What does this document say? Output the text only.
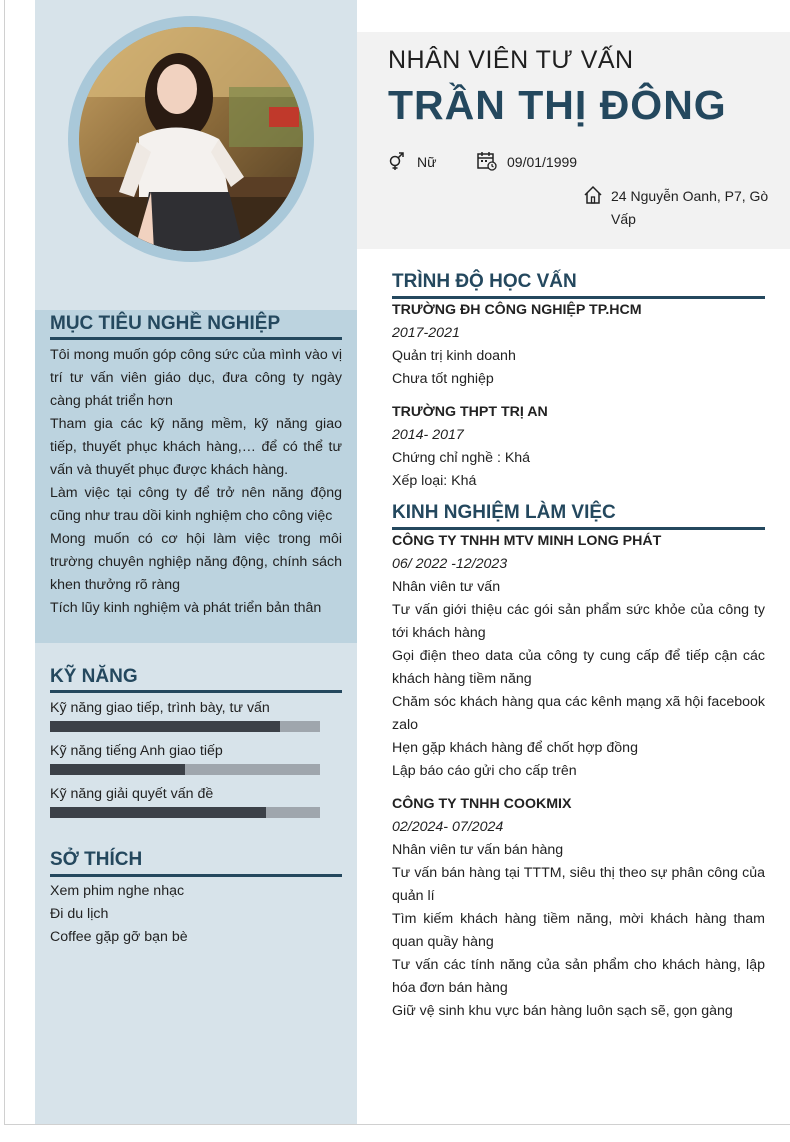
NHÂN VIÊN TƯ VẤN
TRẦN THỊ ĐÔNG
Nữ	09/01/1999
24 Nguyễn Oanh, P7, Gò
Vấp
MỤC TIÊU NGHỀ NGHIỆP

Tôi mong muốn góp công sức của mình vào vị trí tư vấn viên giáo dục, đưa công ty ngày càng phát triển hơn

Tham gia các kỹ năng mềm, kỹ năng giao tiếp, thuyết phục khách hàng,… để có thể tư vấn và thuyết phục được khách hàng.

Làm việc tại công ty để trở nên năng động cũng như trau dồi kinh nghiệm cho công việc

Mong muốn có cơ hội làm việc trong môi trường chuyên nghiệp năng động, chính sách khen thưởng rõ ràng

Tích lũy kinh nghiệm và phát triển bản thân

KỸ NĂNG
Kỹ năng giao tiếp, trình bày, tư vấn
Kỹ năng tiếng Anh giao tiếp
Kỹ năng giải quyết vấn đề
SỞ THÍCH
Xem phim nghe nhạc
Đi du lịch
Coffee gặp gỡ bạn bè
TRÌNH ĐỘ HỌC VẤN

TRƯỜNG ĐH CÔNG NGHIỆP TP.HCM

2017-2021

Quản trị kinh doanh

Chưa tốt nghiệp

TRƯỜNG THPT TRỊ AN

2014- 2017

Chứng chỉ nghề : Khá

Xếp loại: Khá

KINH NGHIỆM LÀM VIỆC

CÔNG TY TNHH MTV MINH LONG PHÁT

06/ 2022 -12/2023

Nhân viên tư vấn

Tư vấn giới thiệu các gói sản phẩm sức khỏe của công ty tới khách hàng

Gọi điện theo data của công ty cung cấp để tiếp cận các khách hàng tiềm năng

Chăm sóc khách hàng qua các kênh mạng xã hội facebook zalo

Hẹn gặp khách hàng để chốt hợp đồng

Lập báo cáo gửi cho cấp trên

CÔNG TY TNHH COOKMIX

02/2024- 07/2024

Nhân viên tư vấn bán hàng

Tư vấn bán hàng tại TTTM, siêu thị theo sự phân công của quản lí

Tìm kiếm khách hàng tiềm năng, mời khách hàng tham quan quầy hàng

Tư vấn các tính năng của sản phẩm cho khách hàng, lập hóa đơn bán hàng

Giữ vệ sinh khu vực bán hàng luôn sạch sẽ, gọn gàng
